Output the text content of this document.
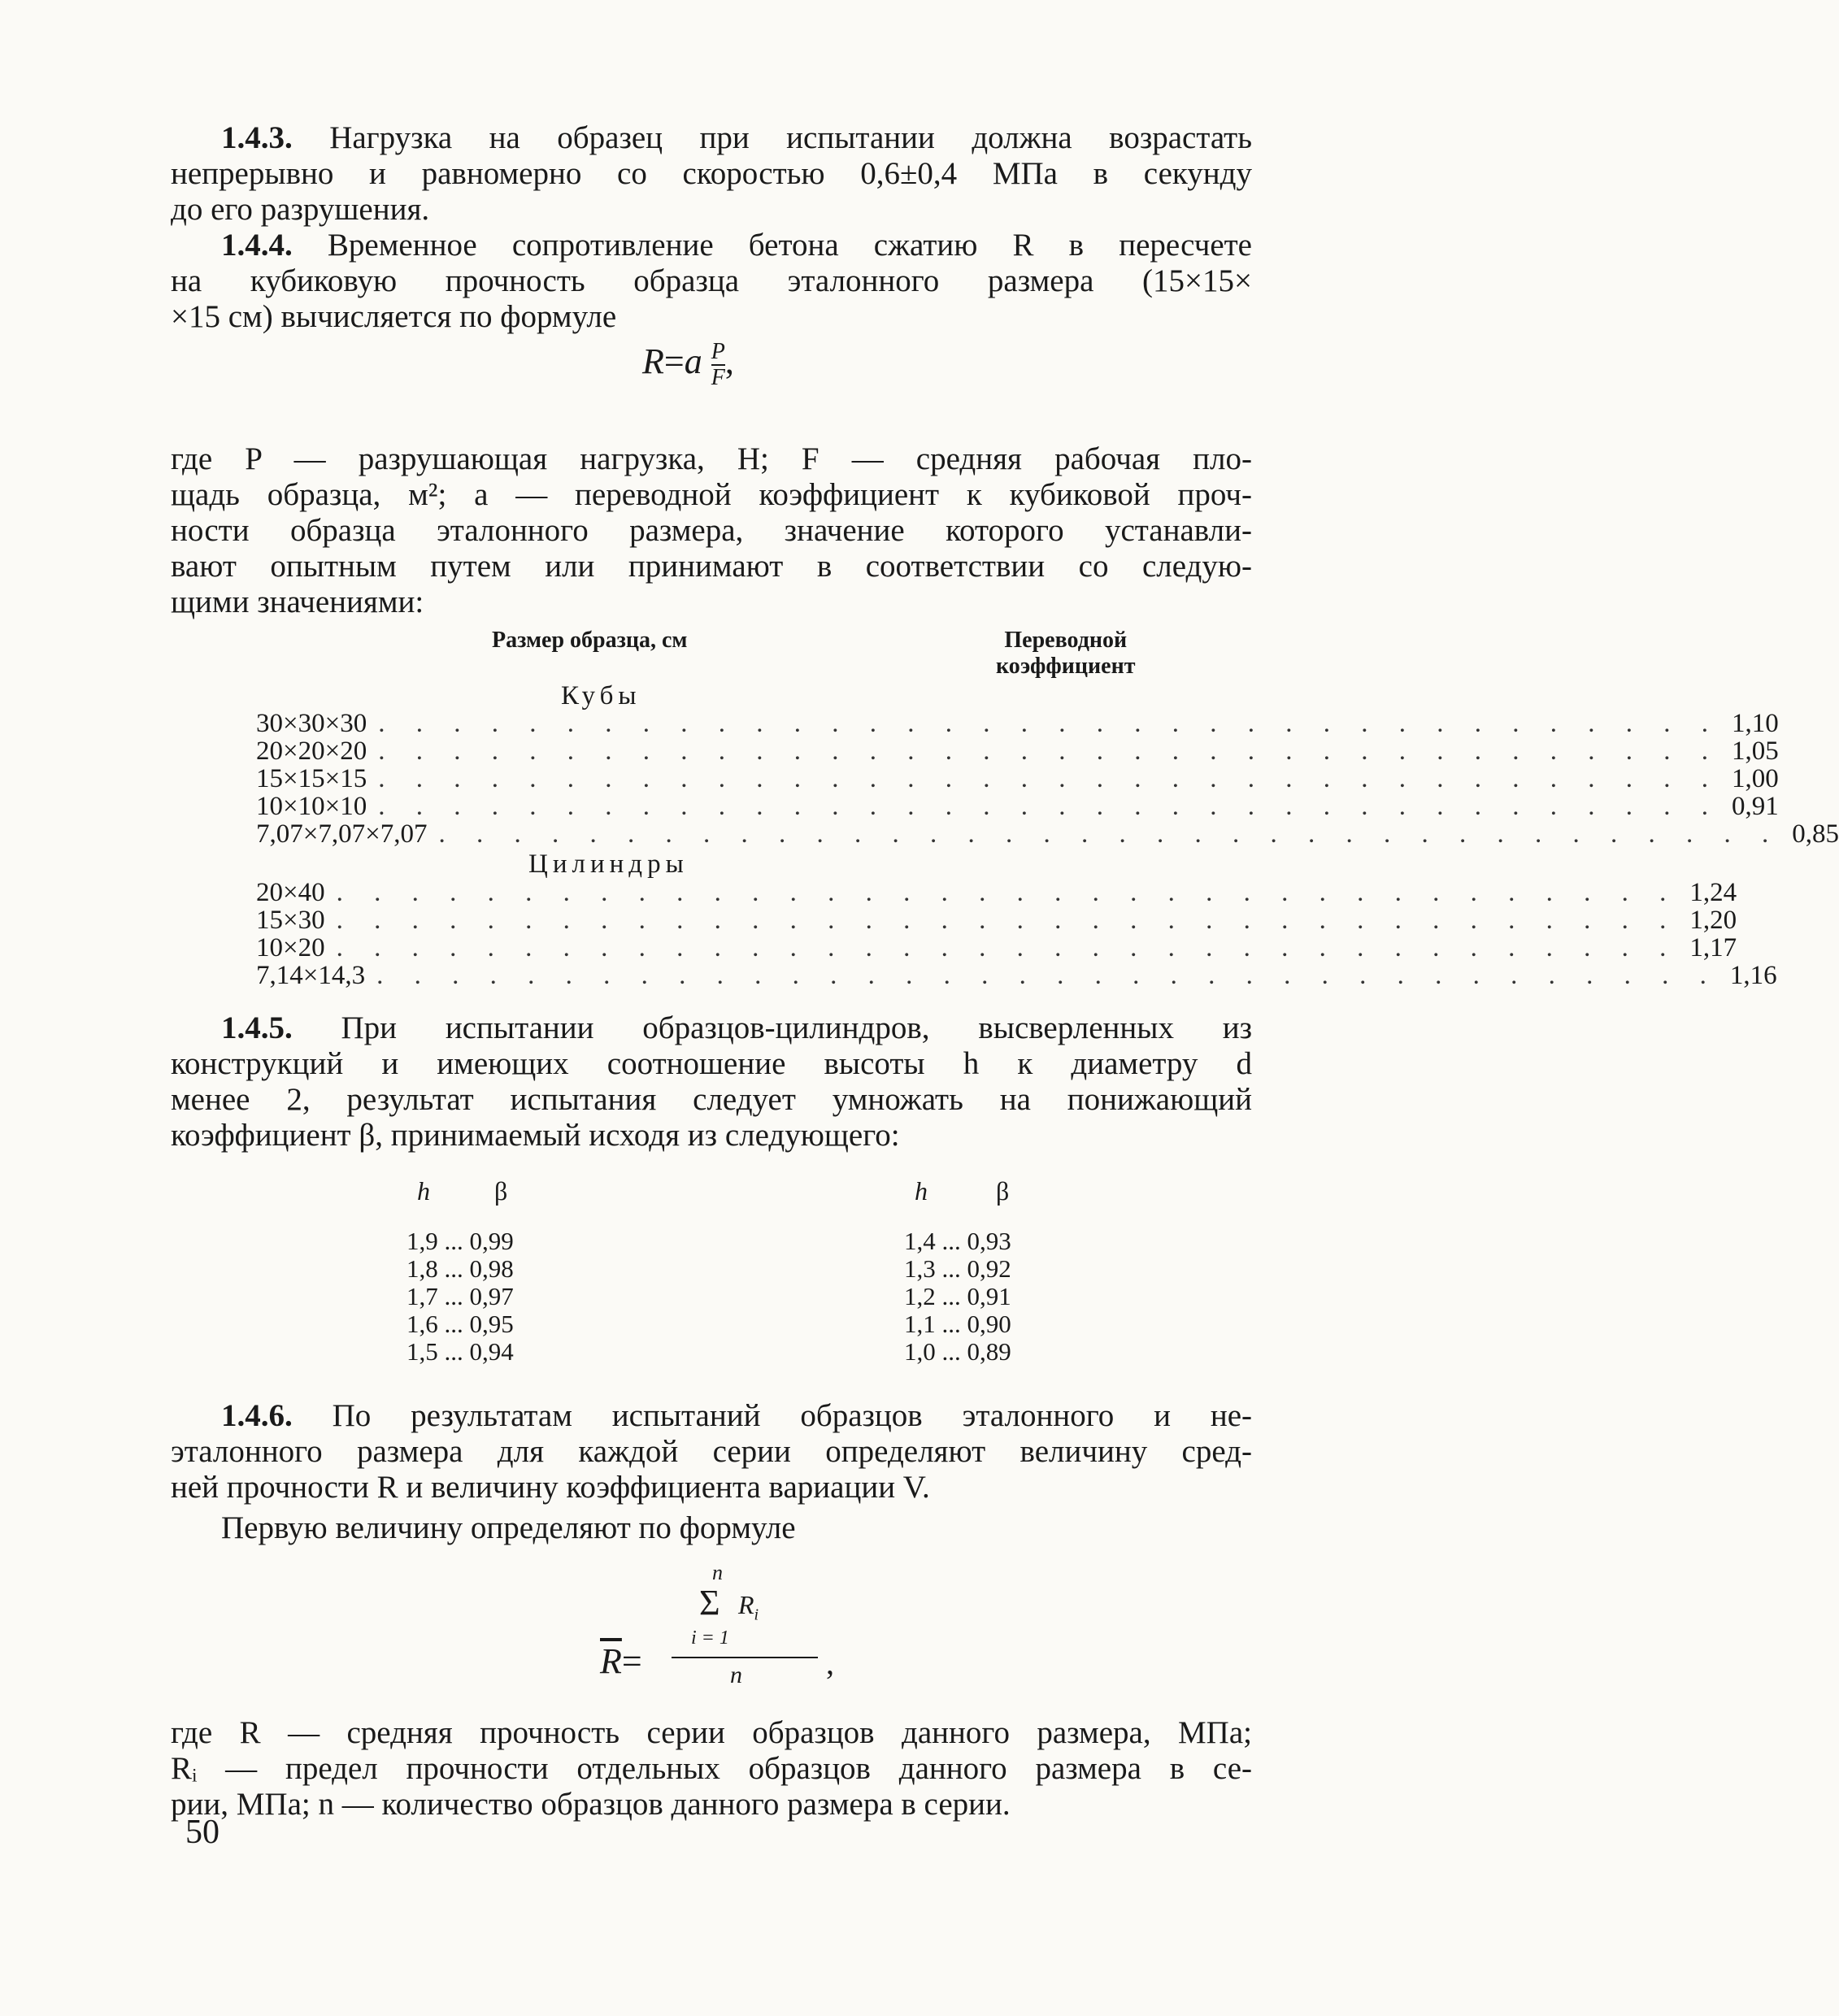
1.4.3. Нагрузка на образец при испытании должна возрастать
непрерывно и равномерно со скоростью 0,6±0,4 МПа в секунду
до его разрушения.
1.4.4. Временное сопротивление бетона сжатию R в пересчете
на кубиковую прочность образца эталонного размера (15×15×
×15 см) вычисляется по формуле
$R=a \frac{P}{F}$ ,
где P — разрушающая нагрузка, Н; F — средняя рабочая пло-
щадь образца, м²; a — переводной коэффициент к кубиковой проч-
ности образца эталонного размера, значение которого устанавли-
вают опытным путем или принимают в соответствии со следую-
щими значениями:
Размер образца, см	Переводной
коэффициент
Кубы
30×30×30 . . . . . . . . . . . . . . . . . . . . . . . . . . . . . . . . . . . . 1,10
20×20×20 . . . . . . . . . . . . . . . . . . . . . . . . . . . . . . . . . . . . 1,05
15×15×15 . . . . . . . . . . . . . . . . . . . . . . . . . . . . . . . . . . . . 1,00
10×10×10 . . . . . . . . . . . . . . . . . . . . . . . . . . . . . . . . . . . . 0,91
7,07×7,07×7,07 . . . . . . . . . . . . . . . . . . . . . . . . . . . . . . . . . . . . 0,85
Цилиндры
20×40 . . . . . . . . . . . . . . . . . . . . . . . . . . . . . . . . . . . . 1,24
15×30 . . . . . . . . . . . . . . . . . . . . . . . . . . . . . . . . . . . . 1,20
10×20 . . . . . . . . . . . . . . . . . . . . . . . . . . . . . . . . . . . . 1,17
7,14×14,3 . . . . . . . . . . . . . . . . . . . . . . . . . . . . . . . . . . . . 1,16
1.4.5. При испытании образцов-цилиндров, высверленных из
конструкций и имеющих соотношение высоты h к диаметру d
менее 2, результат испытания следует умножать на понижающий
коэффициент β, принимаемый исходя из следующего:
h β	h	β
1,9 ... 0,99
1,8 ... 0,98
1,7 ... 0,97
1,6 ... 0,95
1,5 ... 0,94
1,4 ... 0,93
1,3 ... 0,92
1,2 ... 0,91
1,1 ... 0,90
1,0 ... 0,89
1.4.6. По результатам испытаний образцов эталонного и не-
эталонного размера для каждой серии определяют величину сред-
ней прочности R и величину коэффициента вариации V.
Первую величину определяют по формуле
$\overline{R}=$
n
Σ $R_i$
i = 1
n	,
где R — средняя прочность серии образцов данного размера, МПа;
Rᵢ — предел прочности отдельных образцов данного размера в се-
рии, МПа; n — количество образцов данного размера в серии.
50
